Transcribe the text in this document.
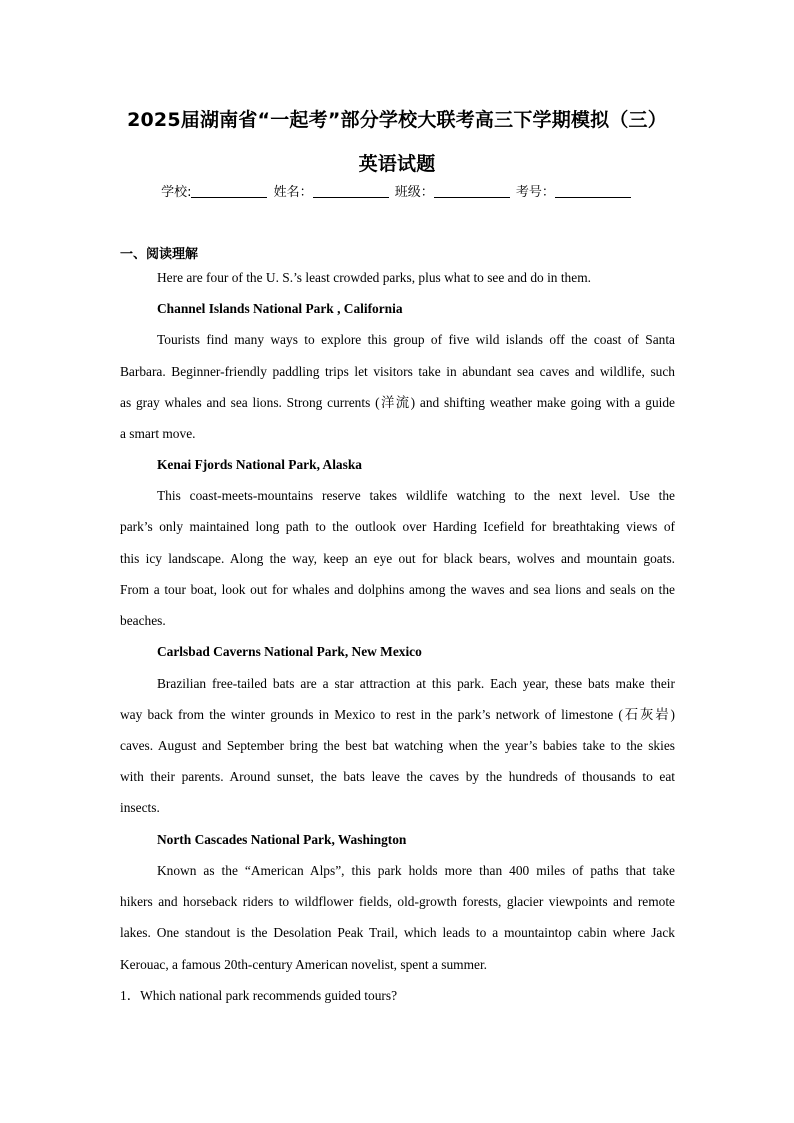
2025届湖南省“一起考”部分学校大联考高三下学期模拟（三）
英语试题
学校:	姓名：	班级：	考号：
一、阅读理解
Here are four of the U. S.’s least crowded parks, plus what to see and do in them.
Channel Islands National Park , California
Tourists find many ways to explore this group of five wild islands off the coast of Santa
Barbara. Beginner-friendly paddling trips let visitors take in abundant sea caves and wildlife, such
as gray whales and sea lions. Strong currents (洋流) and shifting weather make going with a guide
a smart move.
Kenai Fjords National Park, Alaska
This coast-meets-mountains reserve takes wildlife watching to the next level. Use the
park’s only maintained long path to the outlook over Harding Icefield for breathtaking views of
this icy landscape. Along the way, keep an eye out for black bears, wolves and mountain goats.
From a tour boat, look out for whales and dolphins among the waves and sea lions and seals on the
beaches.
Carlsbad Caverns National Park, New Mexico
Brazilian free-tailed bats are a star attraction at this park. Each year, these bats make their
way back from the winter grounds in Mexico to rest in the park’s network of limestone (石灰岩)
caves. August and September bring the best bat watching when the year’s babies take to the skies
with their parents. Around sunset, the bats leave the caves by the hundreds of thousands to eat
insects.
North Cascades National Park, Washington
Known as the “American Alps”, this park holds more than 400 miles of paths that take
hikers and horseback riders to wildflower fields, old-growth forests, glacier viewpoints and remote
lakes. One standout is the Desolation Peak Trail, which leads to a mountaintop cabin where Jack
Kerouac, a famous 20th-century American novelist, spent a summer.
1．Which national park recommends guided tours?
